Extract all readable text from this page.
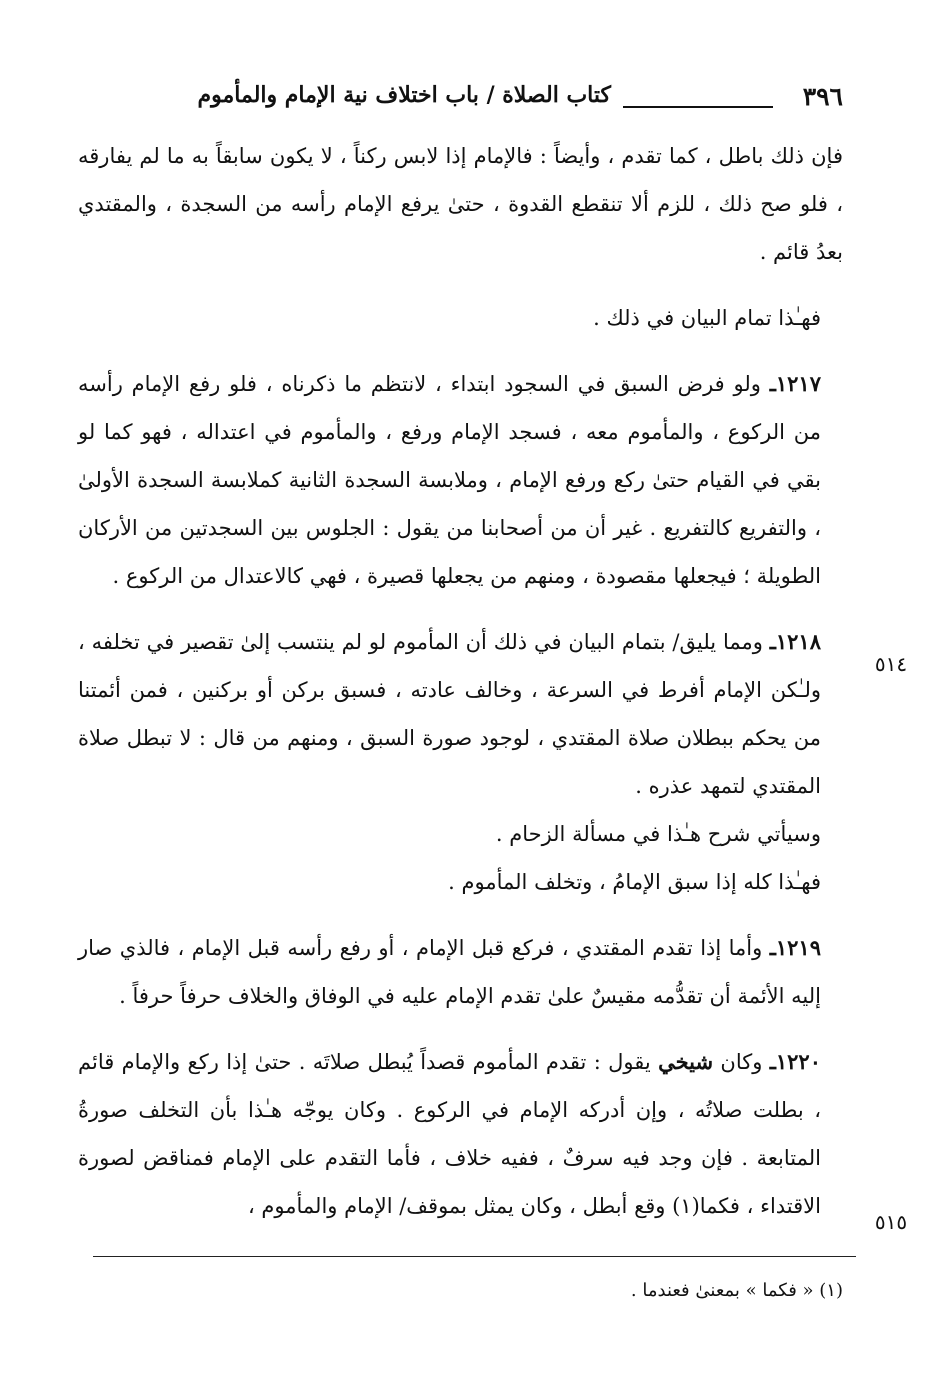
٣٩٦
كتاب الصلاة / باب اختلاف نية الإمام والمأموم
٥١٤
٥١٥

فإن ذلك باطل ، كما تقدم ، وأيضاً : فالإمام إذا لابس ركناً ، لا يكون سابقاً به ما لم يفارقه ، فلو صح ذلك ، للزم ألا تنقطع القدوة ، حتىٰ يرفع الإمام رأسه من السجدة ، والمقتدي بعدُ قائم .

فهـٰذا تمام البيان في ذلك .

١٢١٧ـ ولو فرض السبق في السجود ابتداء ، لانتظم ما ذكرناه ، فلو رفع الإمام رأسه من الركوع ، والمأموم معه ، فسجد الإمام ورفع ، والمأموم في اعتداله ، فهو كما لو بقي في القيام حتىٰ ركع ورفع الإمام ، وملابسة السجدة الثانية كملابسة السجدة الأولىٰ ، والتفريع كالتفريع . غير أن من أصحابنا من يقول : الجلوس بين السجدتين من الأركان الطويلة ؛ فيجعلها مقصودة ، ومنهم من يجعلها قصيرة ، فهي كالاعتدال من الركوع .

١٢١٨ـ ومما يليق/ بتمام البيان في ذلك أن المأموم لو لم ينتسب إلىٰ تقصير في تخلفه ، ولـٰكن الإمام أفرط في السرعة ، وخالف عادته ، فسبق بركن أو بركنين ، فمن أئمتنا من يحكم ببطلان صلاة المقتدي ، لوجود صورة السبق ، ومنهم من قال : لا تبطل صلاة المقتدي لتمهد عذره .

وسيأتي شرح هـٰذا في مسألة الزحام .

فهـٰذا كله إذا سبق الإمامُ ، وتخلف المأموم .

١٢١٩ـ وأما إذا تقدم المقتدي ، فركع قبل الإمام ، أو رفع رأسه قبل الإمام ، فالذي صار إليه الأئمة أن تقدُّمه مقيسٌ علىٰ تقدم الإمام عليه في الوفاق والخلاف حرفاً حرفاً .

١٢٢٠ـ وكان شيخي يقول : تقدم المأموم قصداً يُبطل صلاتَه . حتىٰ إذا ركع والإمام قائم ، بطلت صلاتُه ، وإن أدركه الإمام في الركوع . وكان يوجّه هـٰذا بأن التخلف صورةُ المتابعة . فإن وجد فيه سرفٌ ، ففيه خلاف ، فأما التقدم على الإمام فمناقض لصورة الاقتداء ، فكما(١) وقع أبطل ، وكان يمثل بموقف/ الإمام والمأموم ،

(١) « فكما » بمعنىٰ فعندما .
